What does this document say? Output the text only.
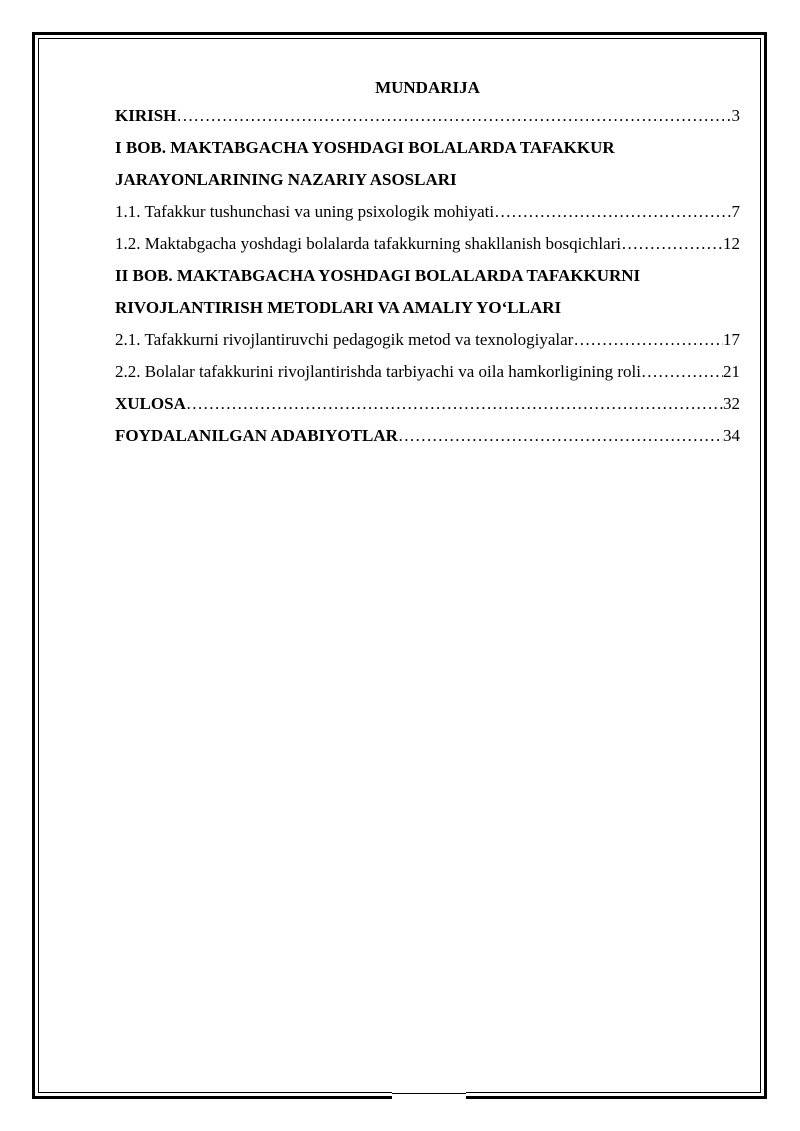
MUNDARIJA
KIRISH ………………………………………………………………………………………………………………………………………………	3
I BOB. MAKTABGACHA YOSHDAGI BOLALARDA TAFAKKUR
JARAYONLARINING NAZARIY ASOSLARI
1.1. Tafakkur tushunchasi va uning psixologik mohiyati ………………………………………………………………………………………………………………………………………………	7
1.2. Maktabgacha yoshdagi bolalarda tafakkurning shakllanish bosqichlari ………………………………………………………………………………………………………………………………………………	12
II BOB. MAKTABGACHA YOSHDAGI BOLALARDA TAFAKKURNI
RIVOJLANTIRISH METODLARI VA AMALIY YO‘LLARI
2.1. Tafakkurni rivojlantiruvchi pedagogik metod va texnologiyalar ………………………………………………………………………………………………………………………………………………	17
2.2. Bolalar tafakkurini rivojlantirishda tarbiyachi va oila hamkorligining roli ………………………………………………………………………………………………………………………………………………	21
XULOSA ………………………………………………………………………………………………………………………………………………	32
FOYDALANILGAN ADABIYOTLAR ………………………………………………………………………………………………………………………………………………	34
